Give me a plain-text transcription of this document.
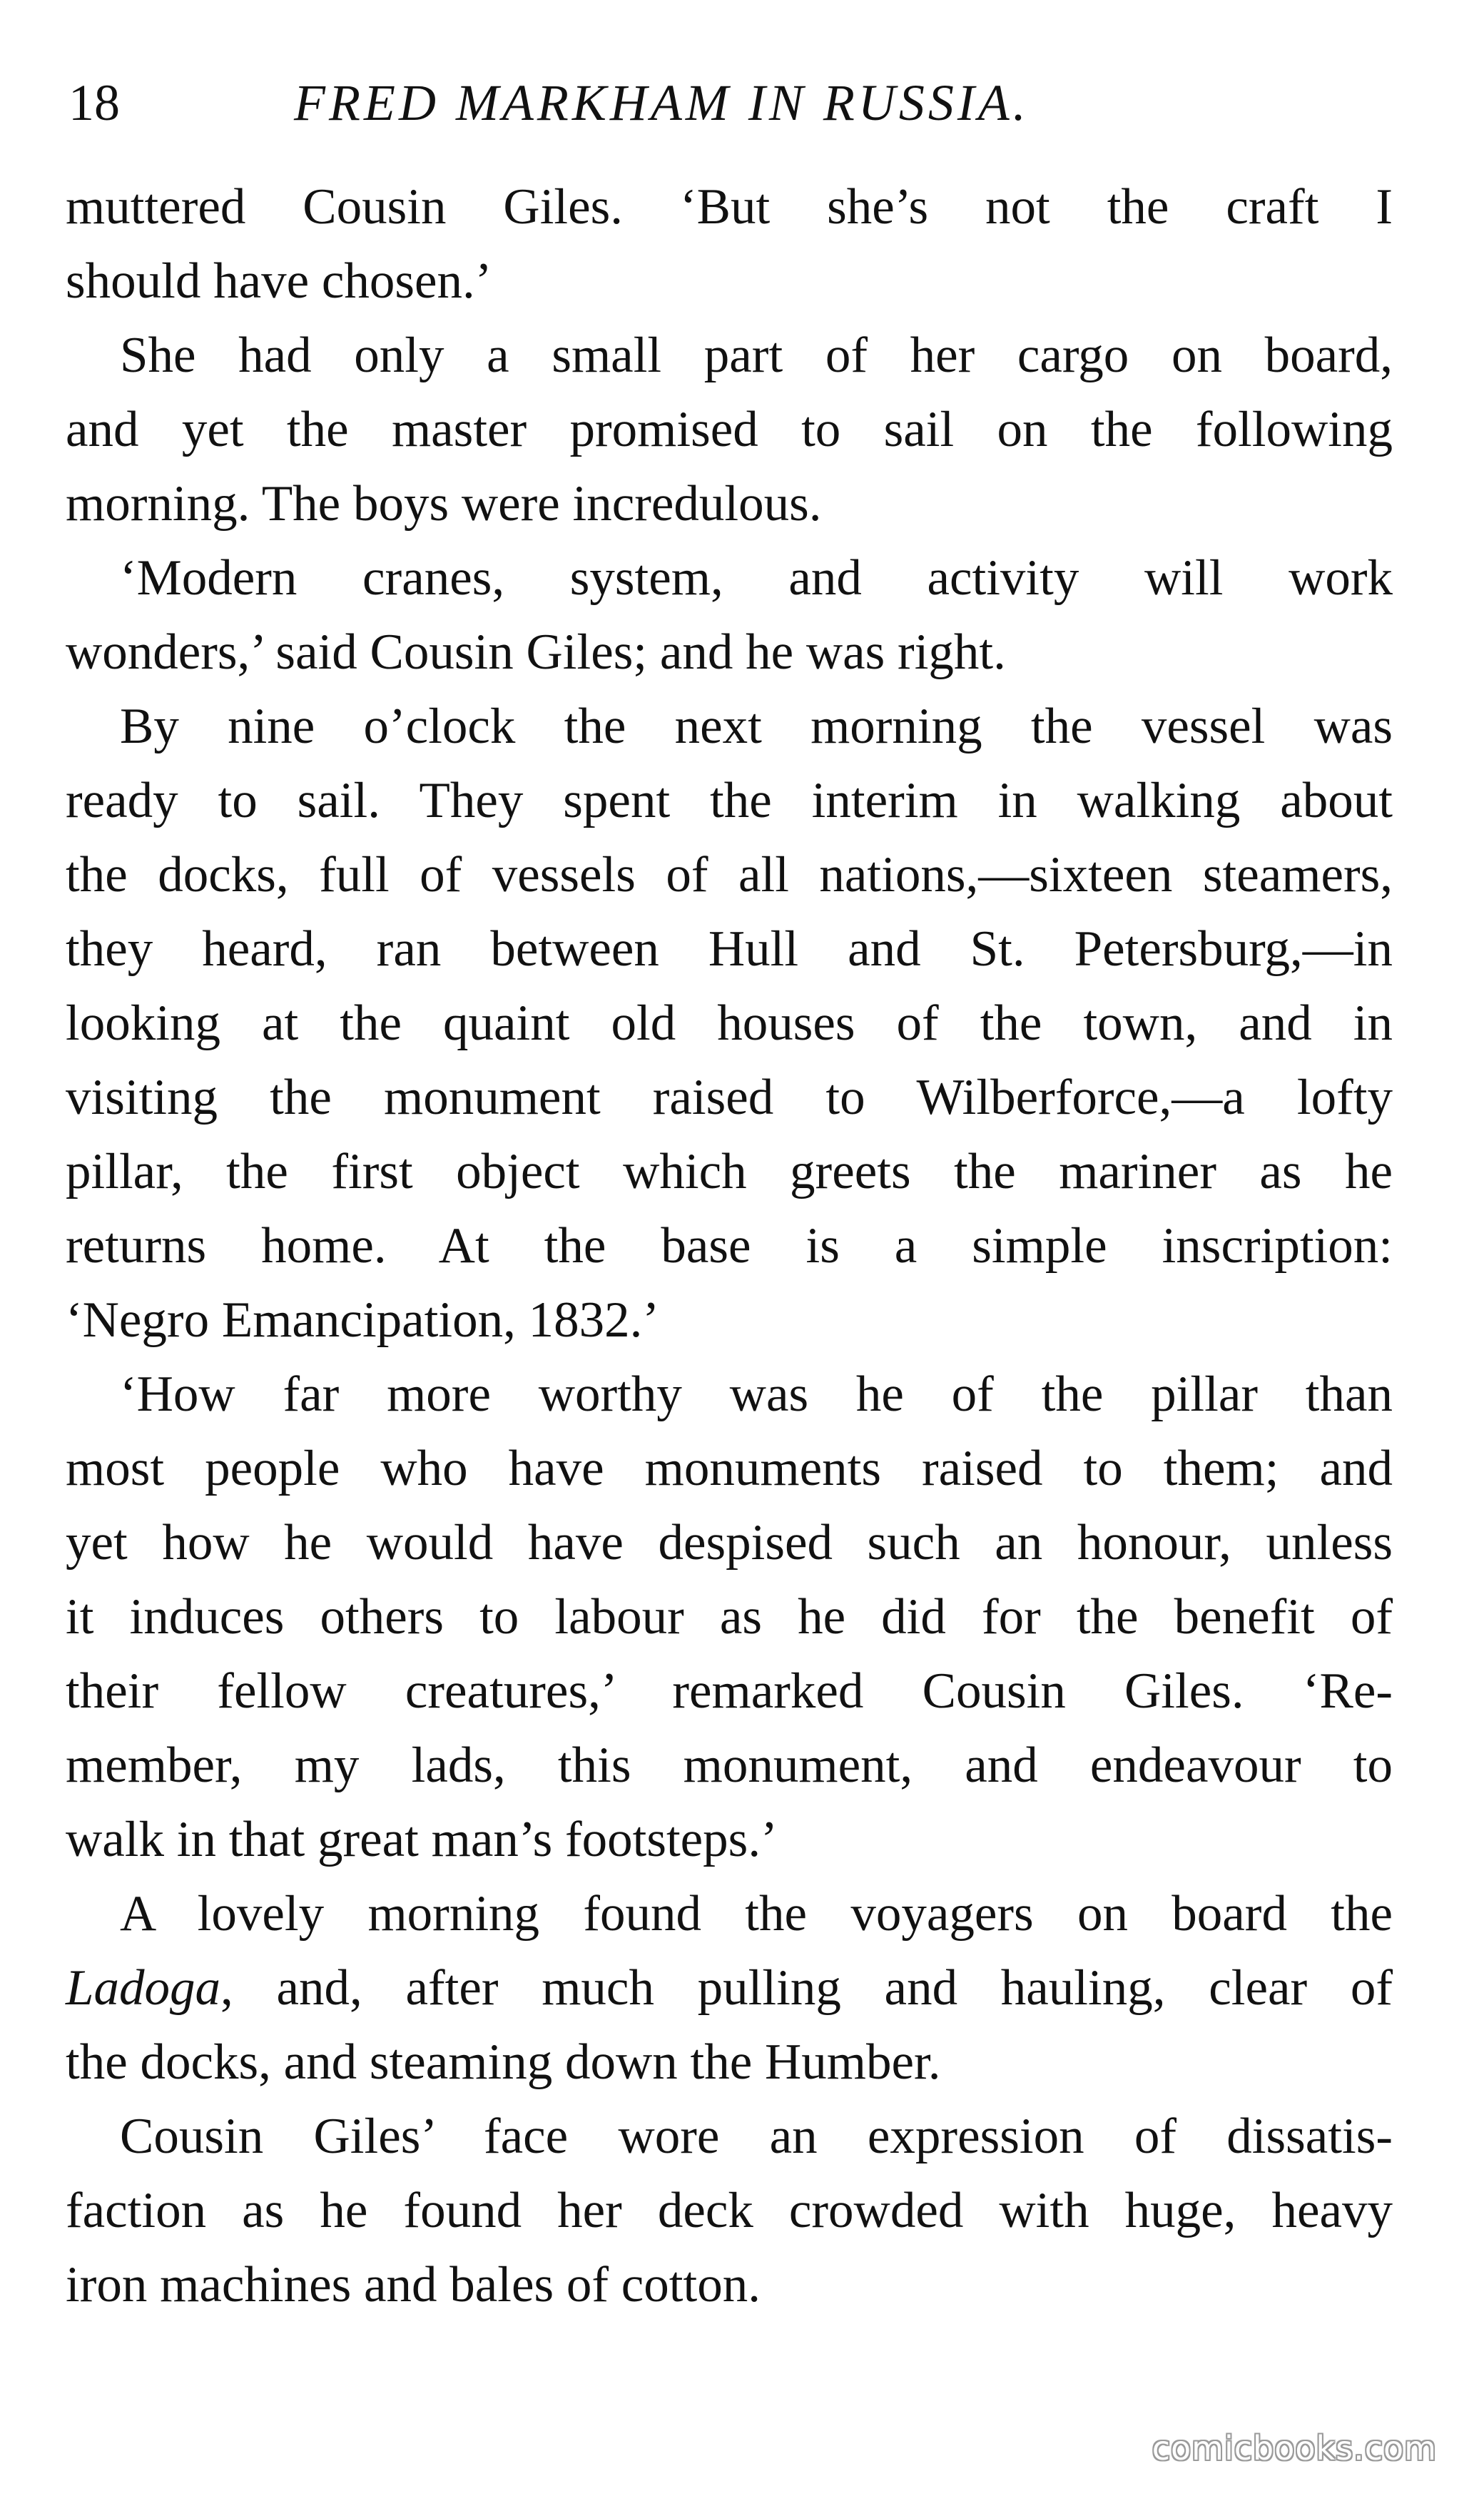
18	FRED MARKHAM IN RUSSIA.
muttered Cousin Giles. ‘But she’s not the craft I
should have chosen.’
She had only a small part of her cargo on board,
and yet the master promised to sail on the following
morning. The boys were incredulous.
‘Modern cranes, system, and activity will work
wonders,’ said Cousin Giles; and he was right.
By nine o’clock the next morning the vessel was
ready to sail. They spent the interim in walking about
the docks, full of vessels of all nations,—sixteen steamers,
they heard, ran between Hull and St. Petersburg,—in
looking at the quaint old houses of the town, and in
visiting the monument raised to Wilberforce,—a lofty
pillar, the first object which greets the mariner as he
returns home. At the base is a simple inscription:
‘Negro Emancipation, 1832.’
‘How far more worthy was he of the pillar than
most people who have monuments raised to them; and
yet how he would have despised such an honour, unless
it induces others to labour as he did for the benefit of
their fellow creatures,’ remarked Cousin Giles. ‘Re-
member, my lads, this monument, and endeavour to
walk in that great man’s footsteps.’
A lovely morning found the voyagers on board the
Ladoga, and, after much pulling and hauling, clear of
the docks, and steaming down the Humber.
Cousin Giles’ face wore an expression of dissatis-
faction as he found her deck crowded with huge, heavy
iron machines and bales of cotton.
comicbooks.com
